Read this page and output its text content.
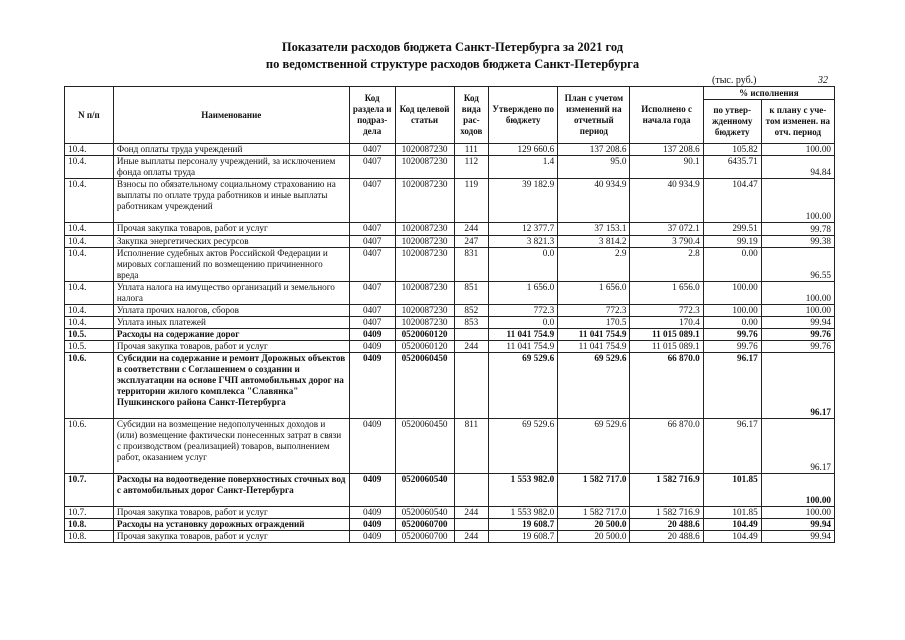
Показатели расходов бюджета Санкт-Петербурга за 2021 год
по ведомственной структуре расходов бюджета Санкт-Петербурга
(тыс. руб.)	32
N п/п	Наименование	Код раздела и подраз-дела	Код целевой статьи	Код вида рас-ходов	Утверждено по бюджету	План с учетом изменений на отчетный период	Исполнено с начала года	% исполнения	
								по утвер-жденному бюджету	к плану с уче-том изменен. на отч. период
10.4.	Фонд оплаты труда учреждений	0407	1020087230	111	129 660.6	137 208.6	137 208.6	105.82	100.00
10.4.	Иные выплаты персоналу учреждений, за исключением фонда оплаты труда	0407	1020087230	112	1.4	95.0	90.1	6435.71	94.84
10.4.	Взносы по обязательному социальному страхованию на выплаты по оплате труда работников и иные выплаты работникам учреждений	0407	1020087230	119	39 182.9	40 934.9	40 934.9	104.47	100.00
10.4.	Прочая закупка товаров, работ и услуг	0407	1020087230	244	12 377.7	37 153.1	37 072.1	299.51	99.78
10.4.	Закупка энергетических ресурсов	0407	1020087230	247	3 821.3	3 814.2	3 790.4	99.19	99.38
10.4.	Исполнение судебных актов Российской Федерации и мировых соглашений по возмещению причиненного вреда	0407	1020087230	831	0.0	2.9	2.8	0.00	96.55
10.4.	Уплата налога на имущество организаций и земельного налога	0407	1020087230	851	1 656.0	1 656.0	1 656.0	100.00	100.00
10.4.	Уплата прочих налогов, сборов	0407	1020087230	852	772.3	772.3	772.3	100.00	100.00
10.4.	Уплата иных платежей	0407	1020087230	853	0.0	170.5	170.4	0.00	99.94
10.5.	Расходы на содержание дорог	0409	0520060120		11 041 754.9	11 041 754.9	11 015 089.1	99.76	99.76
10.5.	Прочая закупка товаров, работ и услуг	0409	0520060120	244	11 041 754.9	11 041 754.9	11 015 089.1	99.76	99.76
10.6.	Субсидии на содержание и ремонт Дорожных объектов в соответствии с Соглашением о создании и эксплуатации на основе ГЧП автомобильных дорог на территории жилого комплекса "Славянка" Пушкинского района Санкт-Петербурга	0409	0520060450		69 529.6	69 529.6	66 870.0	96.17	96.17
10.6.	Субсидии на возмещение недополученных доходов и (или) возмещение фактически понесенных затрат в связи с производством (реализацией) товаров, выполнением работ, оказанием услуг	0409	0520060450	811	69 529.6	69 529.6	66 870.0	96.17	96.17
10.7.	Расходы на водоотведение поверхностных сточных вод с автомобильных дорог Санкт-Петербурга	0409	0520060540		1 553 982.0	1 582 717.0	1 582 716.9	101.85	100.00
10.7.	Прочая закупка товаров, работ и услуг	0409	0520060540	244	1 553 982.0	1 582 717.0	1 582 716.9	101.85	100.00
10.8.	Расходы на установку дорожных ограждений	0409	0520060700		19 608.7	20 500.0	20 488.6	104.49	99.94
10.8.	Прочая закупка товаров, работ и услуг	0409	0520060700	244	19 608.7	20 500.0	20 488.6	104.49	99.94
